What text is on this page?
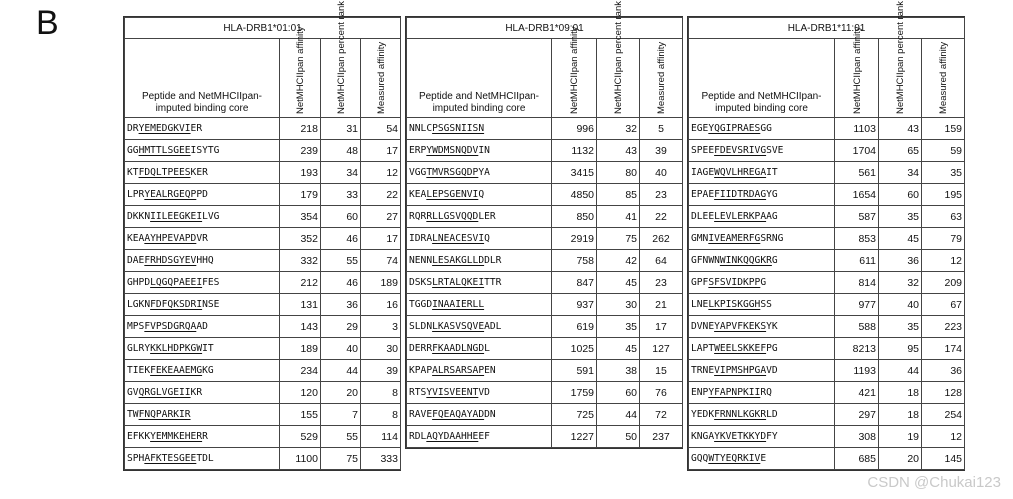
B	HLA-DRB1*01:01			
Peptide and NetMHCIIpan-imputed binding core	NetMHCIIpan affinity	NetMHCIIpan percent rank	Measured affinity

DRYEMEDGKVIER	218	31	54
GGHMTTLSGEEISYTG	239	48	17
KTFDQLTPEESKER	193	34	12
LPRYEALRGEQPPD	179	33	22
DKKNIILEEGKEILVG	354	60	27
KEAAYHPEVAPDVR	352	46	17
DAEFRHDSGYEVHHQ	332	55	74
GHPDLQGQPAEEIFES	212	46	189
LGKNFDFQKSDRINSE	131	36	16
MPSFVPSDGRQAAD	143	29	3
GLRYKKLHDPKGWIT	189	40	30
TIEKFEKEAAEMGKG	234	44	39
GVQRGLVGEIIKR	120	20	8
TWFNQPARKIR	155	7	8
EFKKYEMMKEHERR	529	55	114
SPHAFKTESGEETDL	1100	75	333
HLA-DRB1*09:01			
Peptide and NetMHCIIpan-imputed binding core	NetMHCIIpan affinity	NetMHCIIpan percent rank	Measured affinity

NNLCPSGSNIISN	996	32	5
ERPYWDMSNQDVIN	1132	43	39
VGGTMVRSGQDPYA	3415	80	40
KEALEPSGENVIQ	4850	85	23
RQRRLLGSVQQDLER	850	41	22
IDRALNEACESVIQ	2919	75	262
NENNLESAKGLLDDLR	758	42	64
DSKSLRTALQKEITTR	847	45	23
TGGDINAAIERLL	937	30	21
SLDNLKASVSQVEADL	619	35	17
DERRFKAADLNGDL	1025	45	127
KPAPALRSARSAPEN	591	38	15
RTSYVISVEENTVD	1759	60	76
RAVEFQEAQAYADDN	725	44	72
RDLAQYDAAHHEEF	1227	50	237
HLA-DRB1*11:01			
Peptide and NetMHCIIpan-imputed binding core	NetMHCIIpan affinity	NetMHCIIpan percent rank	Measured affinity

EGEYQGIPRAESGG	1103	43	159
SPEEFDEVSRIVGSVE	1704	65	59
IAGEWQVLHREGAIT	561	34	35
EPAEFIIDTRDAGYG	1654	60	195
DLEELEVLERKPAAG	587	35	63
GMNIVEAMERFGSRNG	853	45	79
GFNWNWINKQQGKRG	611	36	12
GPFSFSVIDKPPG	814	32	209
LNELKPISKGGHSS	977	40	67
DVNEYAPVFKEKSYK	588	35	223
LAPTWEELSKKEFPG	8213	95	174
TRNEVIPMSHPGAVD	1193	44	36
ENPYFAPNPKIIRQ	421	18	128
YEDKFRNNLKGKRLD	297	18	254
KNGAYKVETKKYDFY	308	19	12
GQQWTYEQRKIVE	685	20	145
CSDN @Chukai123
